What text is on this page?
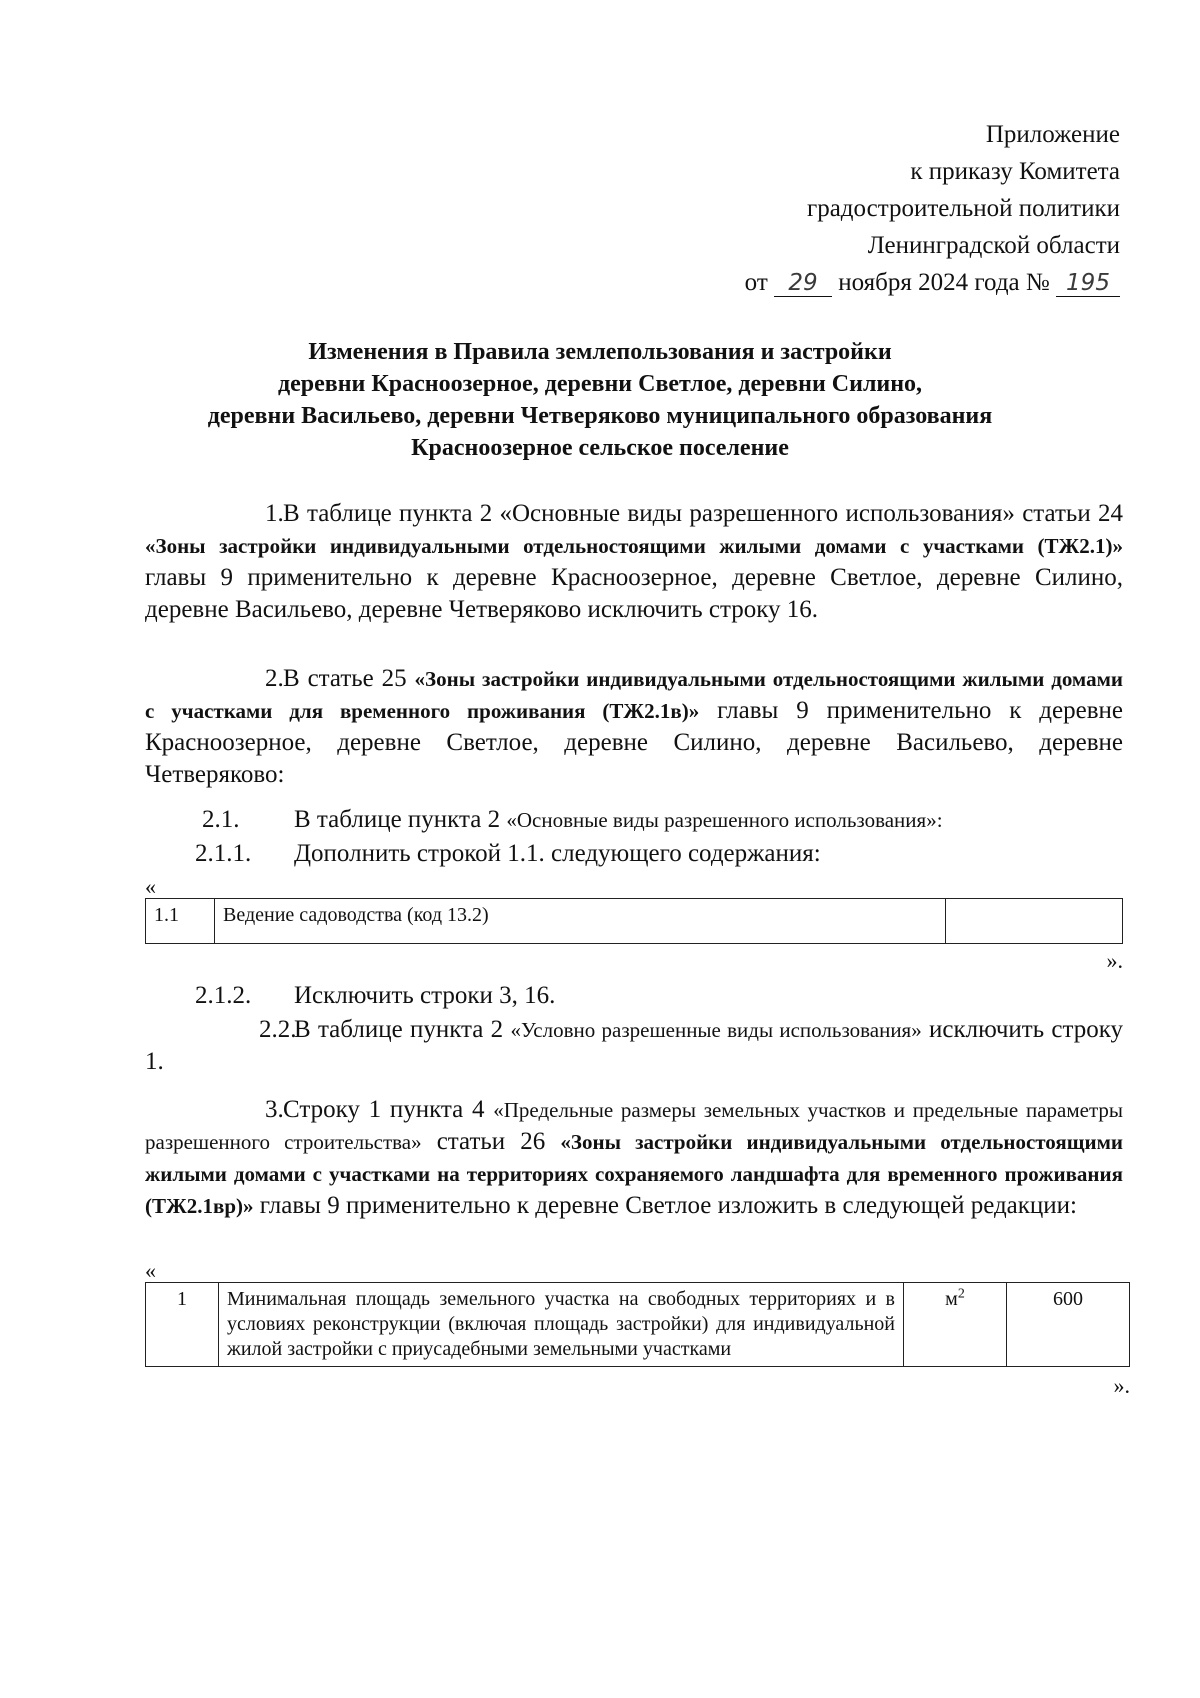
Приложение
к приказу Комитета
градостроительной политики
Ленинградской области
от 29 ноября 2024 года № 195
Изменения в Правила землепользования и застройки
деревни Красноозерное, деревни Светлое, деревни Силино,
деревни Васильево, деревни Четверяково муниципального образования
Красноозерное сельское поселение

1.В таблице пункта 2 «Основные виды разрешенного использования» статьи 24 «Зоны застройки индивидуальными отдельностоящими жилыми домами с участками (ТЖ2.1)» главы 9 применительно к деревне Красноозерное, деревне Светлое, деревне Силино, деревне Васильево, деревне Четверяково исключить строку 16.

2.В статье 25 «Зоны застройки индивидуальными отдельностоящими жилыми домами с участками для временного проживания (ТЖ2.1в)» главы 9 применительно к деревне Красноозерное, деревне Светлое, деревне Силино, деревне Васильево, деревне Четверяково:

2.1. В таблице пункта 2 «Основные виды разрешенного использования»:

2.1.1. Дополнить строкой 1.1. следующего содержания:

«
1.1	Ведение садоводства (код 13.2)	
».

2.1.2. Исключить строки 3, 16.

2.2.В таблице пункта 2 «Условно разрешенные виды использования» исключить строку 1.

3.Строку 1 пункта 4 «Предельные размеры земельных участков и предельные параметры разрешенного строительства» статьи 26 «Зоны застройки индивидуальными отдельностоящими жилыми домами с участками на территориях сохраняемого ландшафта для временного проживания (ТЖ2.1вр)» главы 9 применительно к деревне Светлое изложить в следующей редакции:

«
1	Минимальная площадь земельного участка на свободных территориях и в условиях реконструкции (включая площадь застройки) для индивидуальной жилой застройки с приусадебными земельными участками	$м^2$	600
».
